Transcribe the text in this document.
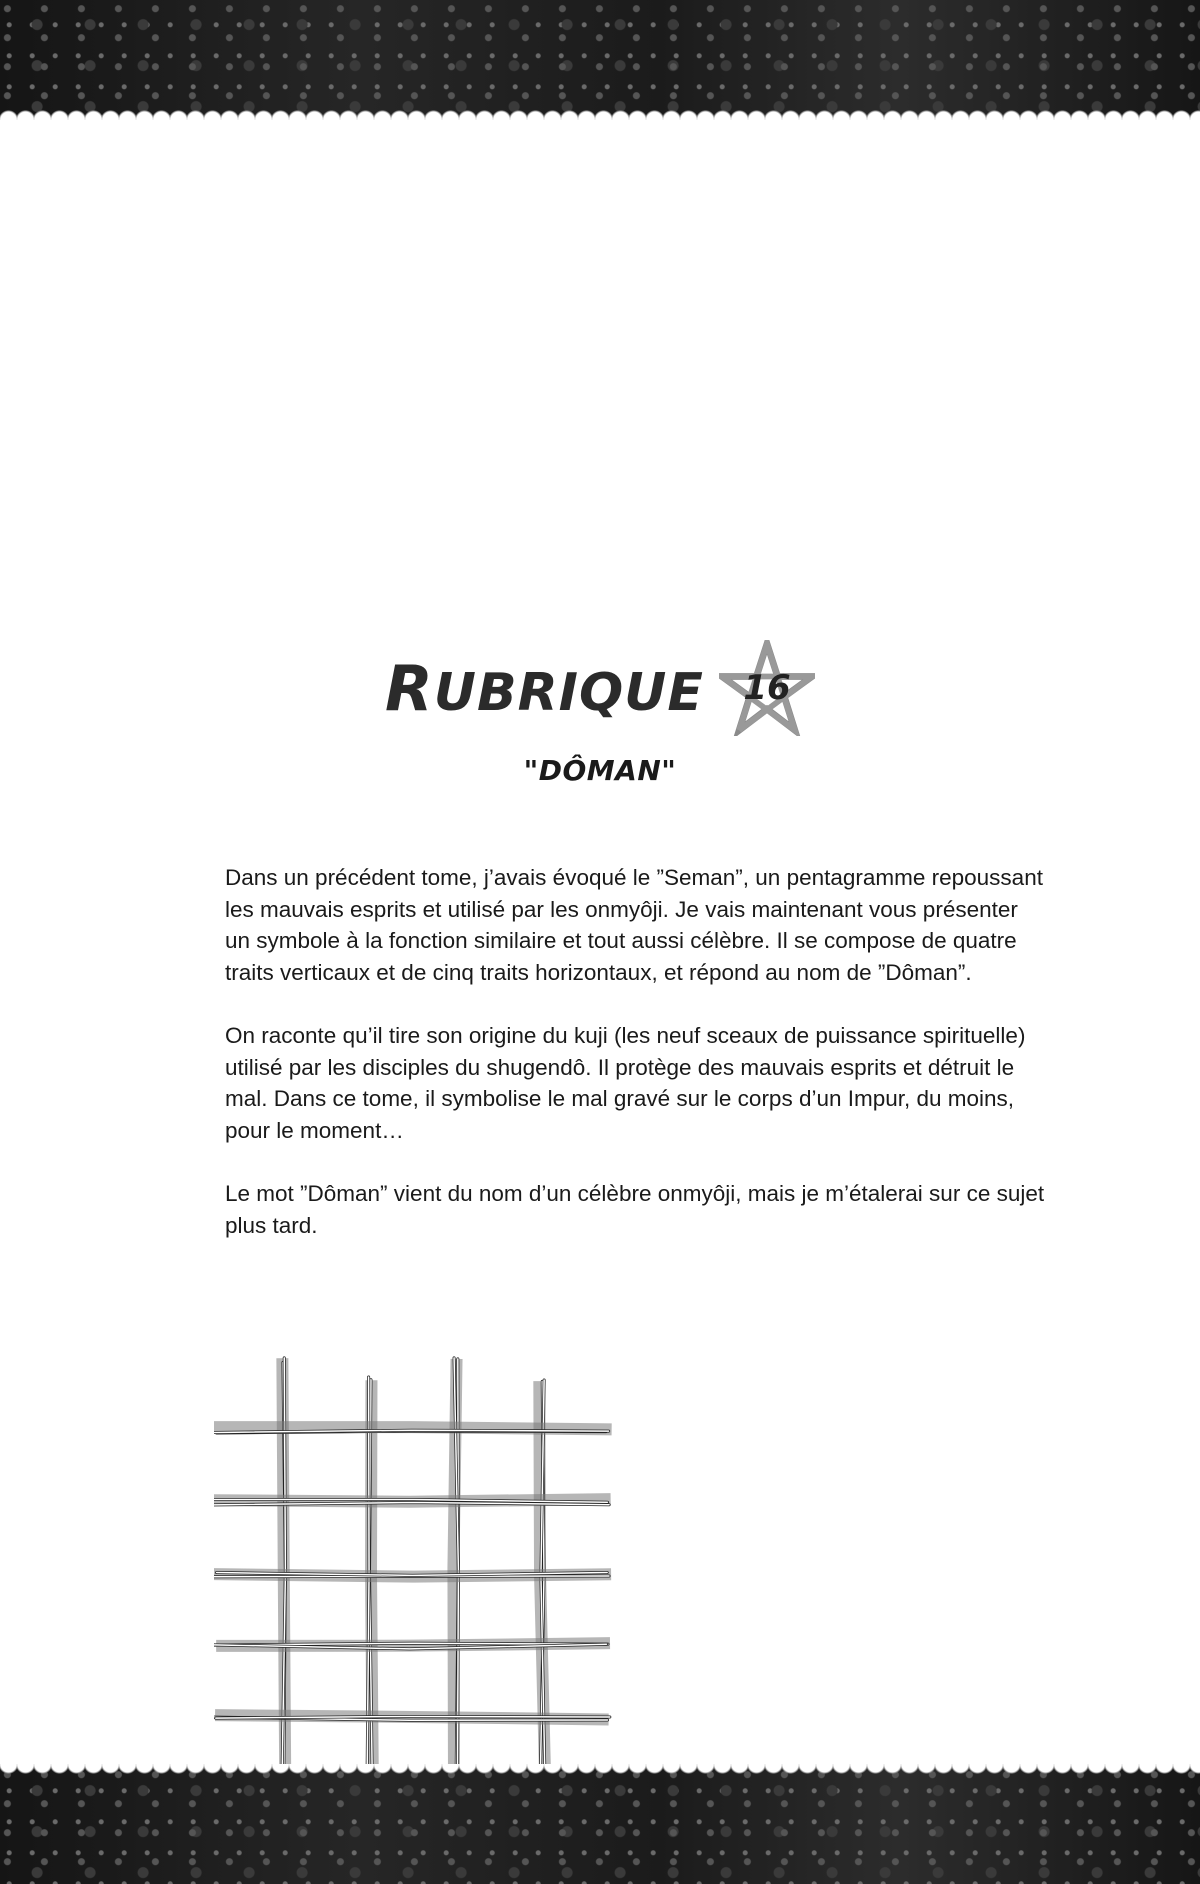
RUBRIQUE	16
"DÔMAN"

Dans un précédent tome, j’avais évoqué le ”Seman”, un pentagramme repoussant les mauvais esprits et utilisé par les onmyôji. Je vais maintenant vous présenter un symbole à la fonction similaire et tout aussi célèbre. Il se compose de quatre traits verticaux et de cinq traits horizontaux, et répond au nom de ”Dôman”.

On raconte qu’il tire son origine du kuji (les neuf sceaux de puissance spirituelle) utilisé par les disciples du shugendô. Il protège des mauvais esprits et détruit le mal. Dans ce tome, il symbolise le mal gravé sur le corps d’un Impur, du moins, pour le moment…

Le mot ”Dôman” vient du nom d’un célèbre onmyôji, mais je m’étalerai sur ce sujet plus tard.
